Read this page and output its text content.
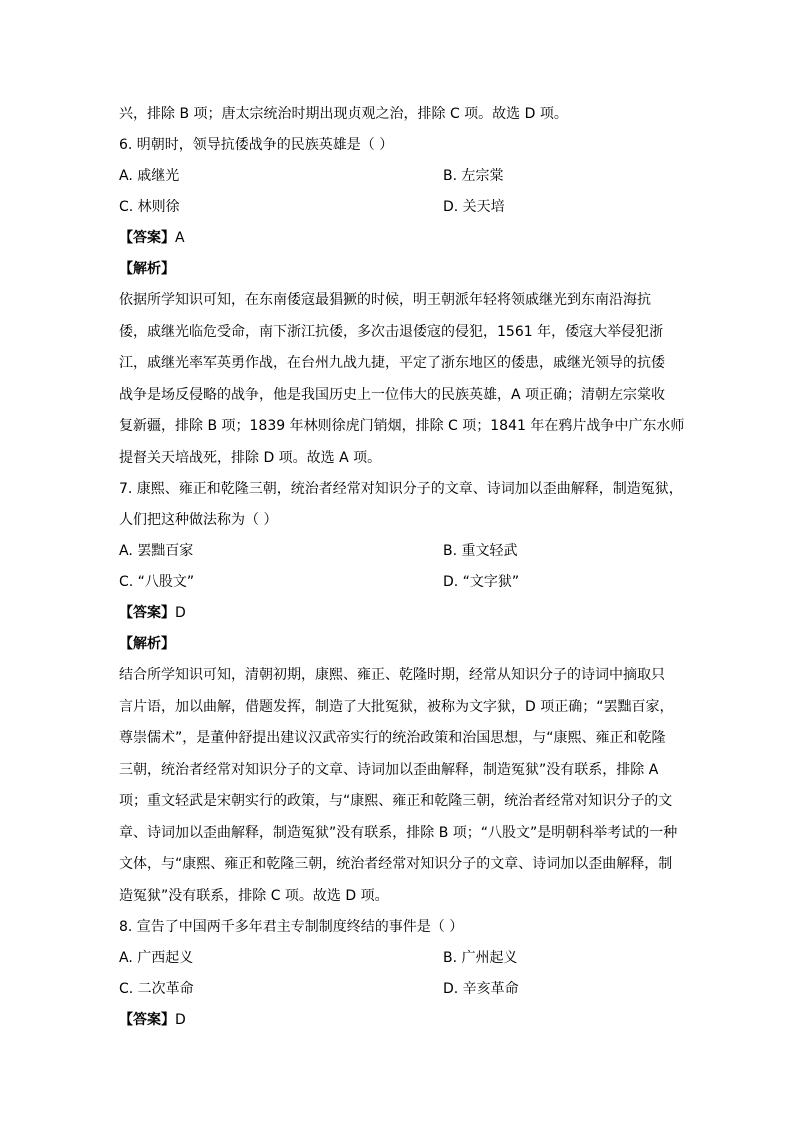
兴，排除 B 项；唐太宗统治时期出现贞观之治，排除 C 项。故选 D 项。
6. 明朝时，领导抗倭战争的民族英雄是（ ）
A. 戚继光	B. 左宗棠
C. 林则徐	D. 关天培
【答案】A
【解析】
依据所学知识可知，在东南倭寇最猖獗的时候，明王朝派年轻将领戚继光到东南沿海抗
倭，戚继光临危受命，南下浙江抗倭，多次击退倭寇的侵犯，1561 年，倭寇大举侵犯浙
江，戚继光率军英勇作战，在台州九战九捷，平定了浙东地区的倭患，戚继光领导的抗倭
战争是场反侵略的战争，他是我国历史上一位伟大的民族英雄，A 项正确；清朝左宗棠收
复新疆，排除 B 项；1839 年林则徐虎门销烟，排除 C 项；1841 年在鸦片战争中广东水师
提督关天培战死，排除 D 项。故选 A 项。
7. 康熙、雍正和乾隆三朝，统治者经常对知识分子的文章、诗词加以歪曲解释，制造冤狱，
人们把这种做法称为（ ）
A. 罢黜百家	B. 重文轻武
C. “八股文”	D. “文字狱”
【答案】D
【解析】
结合所学知识可知，清朝初期，康熙、雍正、乾隆时期，经常从知识分子的诗词中摘取只
言片语，加以曲解，借题发挥，制造了大批冤狱，被称为文字狱，D 项正确；“罢黜百家，
尊崇儒术”，是董仲舒提出建议汉武帝实行的统治政策和治国思想，与“康熙、雍正和乾隆
三朝，统治者经常对知识分子的文章、诗词加以歪曲解释，制造冤狱”没有联系，排除 A
项；重文轻武是宋朝实行的政策，与“康熙、雍正和乾隆三朝，统治者经常对知识分子的文
章、诗词加以歪曲解释，制造冤狱”没有联系，排除 B 项；“八股文”是明朝科举考试的一种
文体，与“康熙、雍正和乾隆三朝，统治者经常对知识分子的文章、诗词加以歪曲解释，制
造冤狱”没有联系，排除 C 项。故选 D 项。
8. 宣告了中国两千多年君主专制制度终结的事件是（ ）
A. 广西起义	B. 广州起义
C. 二次革命	D. 辛亥革命
【答案】D
